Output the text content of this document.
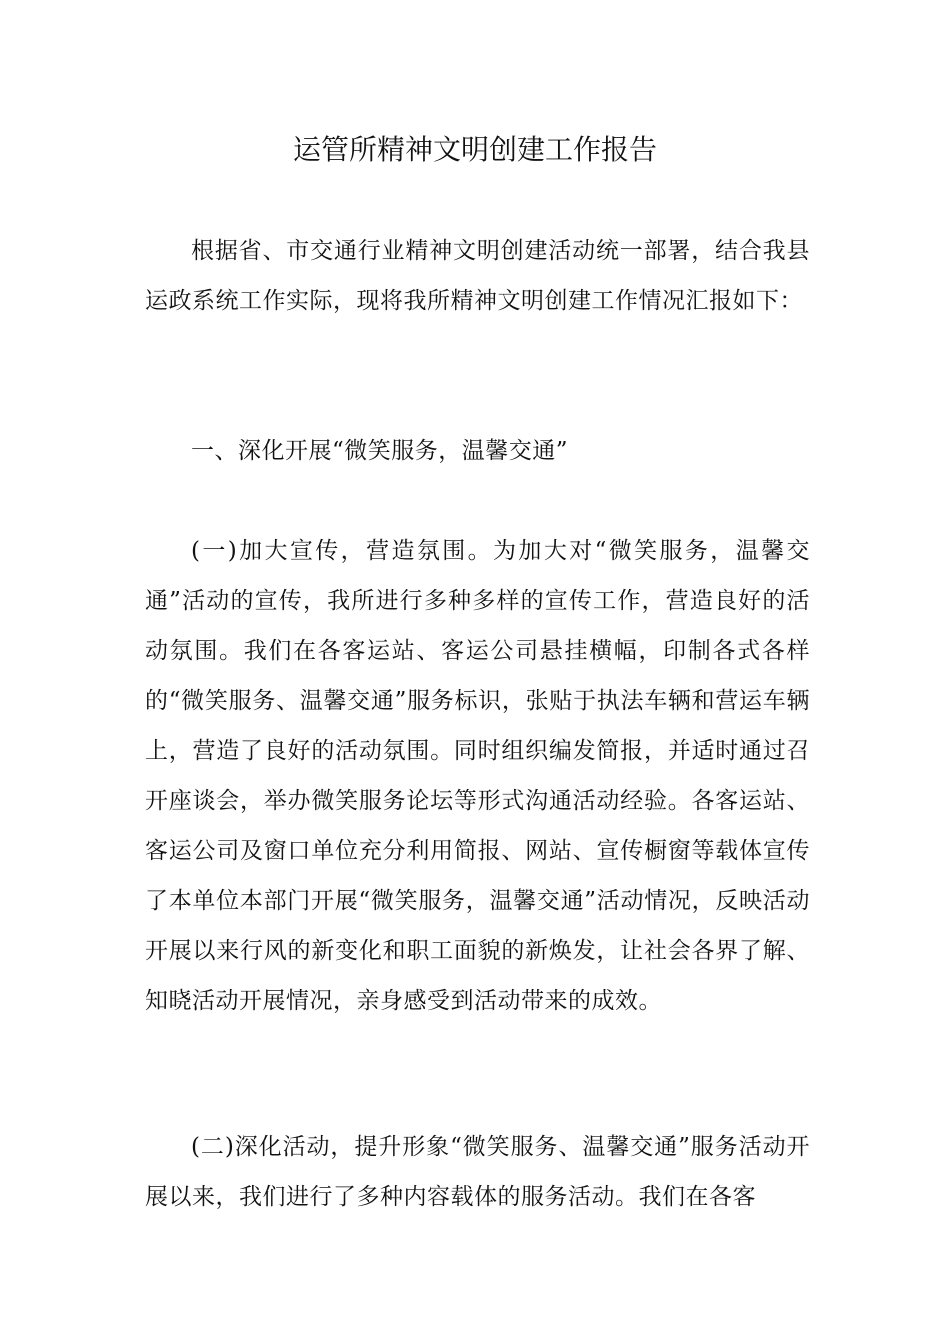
运管所精神文明创建工作报告

根据省、市交通行业精神文明创建活动统一部署，结合我县运政系统工作实际，现将我所精神文明创建工作情况汇报如下：

一、深化开展“微笑服务，温馨交通”

(一)加大宣传，营造氛围。为加大对“微笑服务，温馨交通”活动的宣传，我所进行多种多样的宣传工作，营造良好的活动氛围。我们在各客运站、客运公司悬挂横幅，印制各式各样的“微笑服务、温馨交通”服务标识，张贴于执法车辆和营运车辆上，营造了良好的活动氛围。同时组织编发简报，并适时通过召开座谈会，举办微笑服务论坛等形式沟通活动经验。各客运站、客运公司及窗口单位充分利用简报、网站、宣传橱窗等载体宣传了本单位本部门开展“微笑服务，温馨交通”活动情况，反映活动开展以来行风的新变化和职工面貌的新焕发，让社会各界了解、知晓活动开展情况，亲身感受到活动带来的成效。

(二)深化活动，提升形象“微笑服务、温馨交通”服务活动开展以来，我们进行了多种内容载体的服务活动。我们在各客
